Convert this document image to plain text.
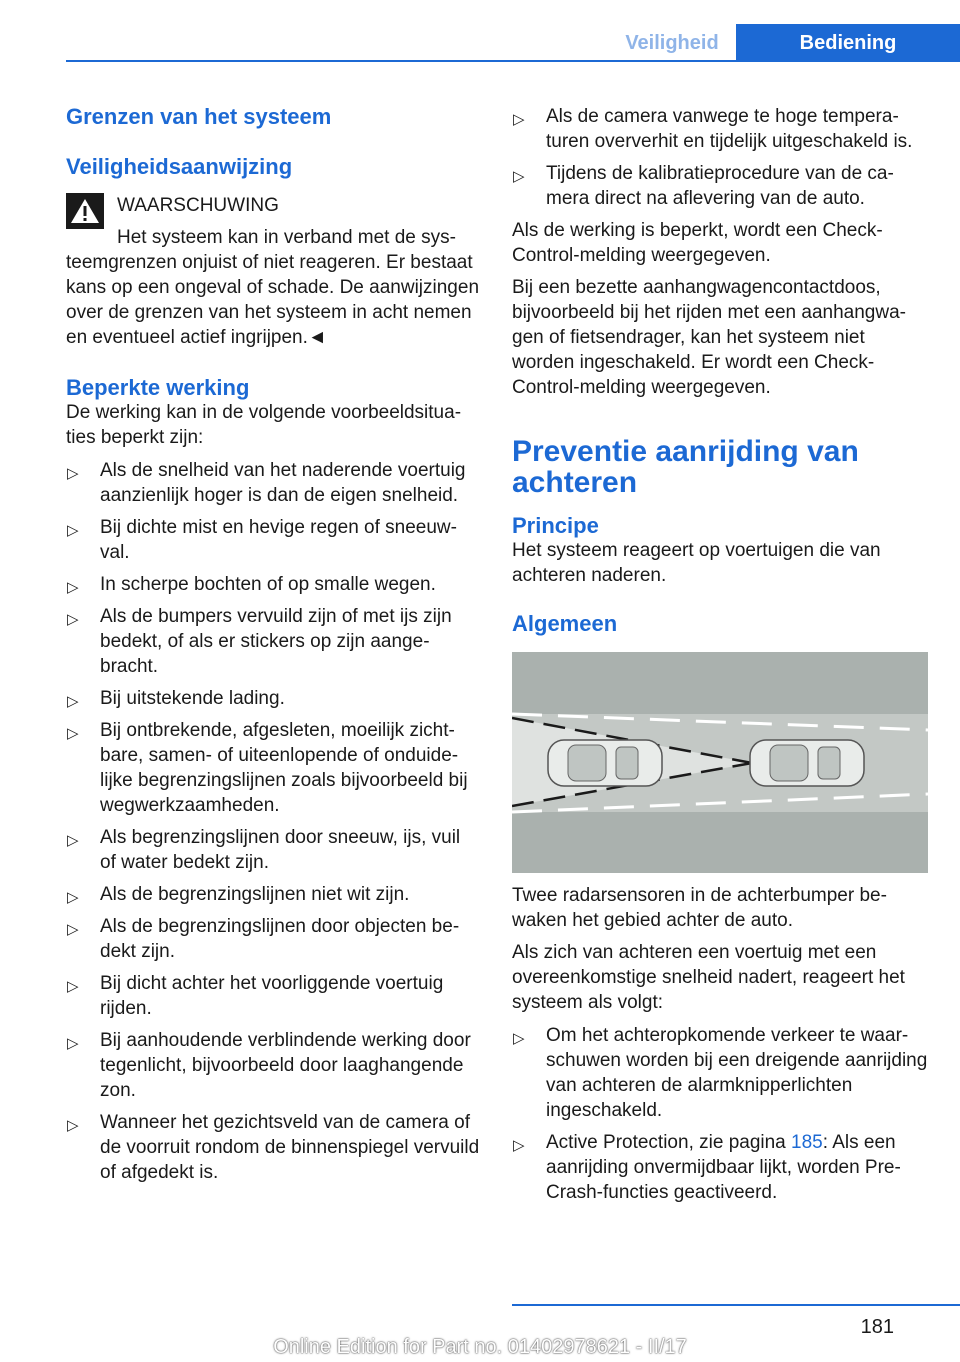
Veiligheid	Bediening
Grenzen van het systeem
Veiligheidsaanwijzing
WAARSCHUWING
Het systeem kan in verband met de systeemgrenzen onjuist of niet reageren. Er bestaat kans op een ongeval of schade. De aanwijzingen over de grenzen van het systeem in acht nemen en eventueel actief ingrijpen.◄
Beperkte werking
De werking kan in de volgende voorbeeldsituaties beperkt zijn:
▷ Als de snelheid van het naderende voertuig aanzienlijk hoger is dan de eigen snelheid.
▷ Bij dichte mist en hevige regen of sneeuwval.
▷ In scherpe bochten of op smalle wegen.
▷ Als de bumpers vervuild zijn of met ijs zijn bedekt, of als er stickers op zijn aangebracht.
▷ Bij uitstekende lading.
▷ Bij ontbrekende, afgesleten, moeilijk zichtbare, samen- of uiteenlopende of onduidelijke begrenzingslijnen zoals bijvoorbeeld bij wegwerkzaamheden.
▷ Als begrenzingslijnen door sneeuw, ijs, vuil of water bedekt zijn.
▷ Als de begrenzingslijnen niet wit zijn.
▷ Als de begrenzingslijnen door objecten bedekt zijn.
▷ Bij dicht achter het voorliggende voertuig rijden.
▷ Bij aanhoudende verblindende werking door tegenlicht, bijvoorbeeld door laaghangende zon.
▷ Wanneer het gezichtsveld van de camera of de voorruit rondom de binnenspiegel vervuild of afgedekt is.
▷ Als de camera vanwege te hoge temperaturen oververhit en tijdelijk uitgeschakeld is.
▷ Tijdens de kalibratieprocedure van de camera direct na aflevering van de auto.
Als de werking is beperkt, wordt een Check-Control-melding weergegeven.
Bij een bezette aanhangwagencontactdoos, bijvoorbeeld bij het rijden met een aanhangwagen of fietsendrager, kan het systeem niet worden ingeschakeld. Er wordt een Check-Control-melding weergegeven.
Preventie aanrijding van achteren
Principe
Het systeem reageert op voertuigen die van achteren naderen.
Algemeen
Twee radarsensoren in de achterbumper bewaken het gebied achter de auto.
Als zich van achteren een voertuig met een overeenkomstige snelheid nadert, reageert het systeem als volgt:
▷ Om het achteropkomende verkeer te waarschuwen worden bij een dreigende aanrijding van achteren de alarmknipperlichten ingeschakeld.
▷ Active Protection, zie pagina 185: Als een aanrijding onvermijdbaar lijkt, worden Pre-Crash-functies geactiveerd.
181
Online Edition for Part no. 01402978621 - II/17
